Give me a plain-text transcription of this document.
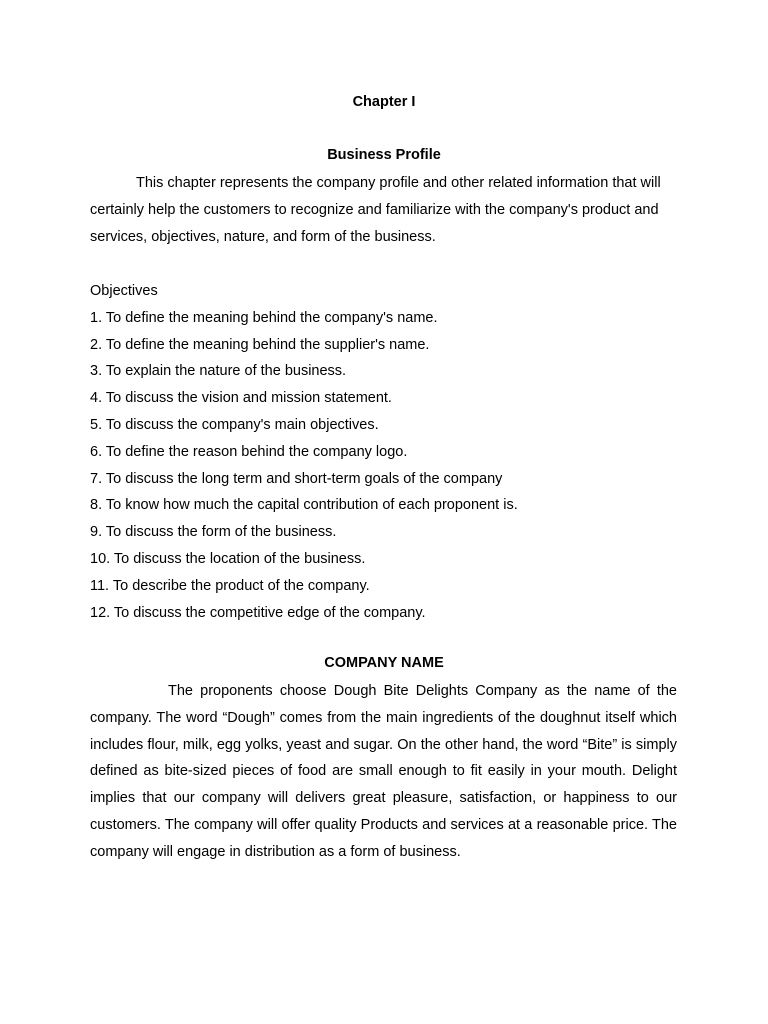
Chapter I
Business Profile

This chapter represents the company profile and other related information that will certainly help the customers to recognize and familiarize with the company's product and services, objectives, nature, and form of the business.

Objectives
1. To define the meaning behind the company's name.
2. To define the meaning behind the supplier's name.
3. To explain the nature of the business.
4. To discuss the vision and mission statement.
5. To discuss the company's main objectives.
6. To define the reason behind the company logo.
7. To discuss the long term and short-term goals of the company
8. To know how much the capital contribution of each proponent is.
9. To discuss the form of the business.
10. To discuss the location of the business.
11. To describe the product of the company.
12. To discuss the competitive edge of the company.
COMPANY NAME

The proponents choose Dough Bite Delights Company as the name of the company. The word “Dough” comes from the main ingredients of the doughnut itself which includes flour, milk, egg yolks, yeast and sugar. On the other hand, the word “Bite” is simply defined as bite-sized pieces of food are small enough to fit easily in your mouth. Delight implies that our company will delivers great pleasure, satisfaction, or happiness to our customers. The company will offer quality Products and services at a reasonable price. The company will engage in distribution as a form of business.
